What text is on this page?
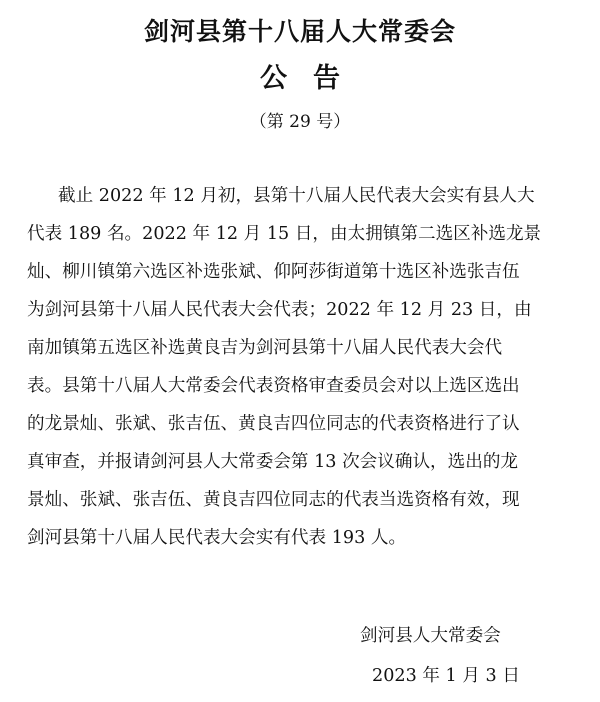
剑河县第十八届人大常委会
公告
（第 29 号）
截止 2022 年 12 月初，县第十八届人民代表大会实有县人大
代表 189 名。2022 年 12 月 15 日，由太拥镇第二选区补选龙景
灿、柳川镇第六选区补选张斌、仰阿莎街道第十选区补选张吉伍
为剑河县第十八届人民代表大会代表；2022 年 12 月 23 日，由
南加镇第五选区补选黄良吉为剑河县第十八届人民代表大会代
表。县第十八届人大常委会代表资格审查委员会对以上选区选出
的龙景灿、张斌、张吉伍、黄良吉四位同志的代表资格进行了认
真审查，并报请剑河县人大常委会第 13 次会议确认，选出的龙
景灿、张斌、张吉伍、黄良吉四位同志的代表当选资格有效，现
剑河县第十八届人民代表大会实有代表 193 人。
剑河县人大常委会
2023 年 1 月 3 日
